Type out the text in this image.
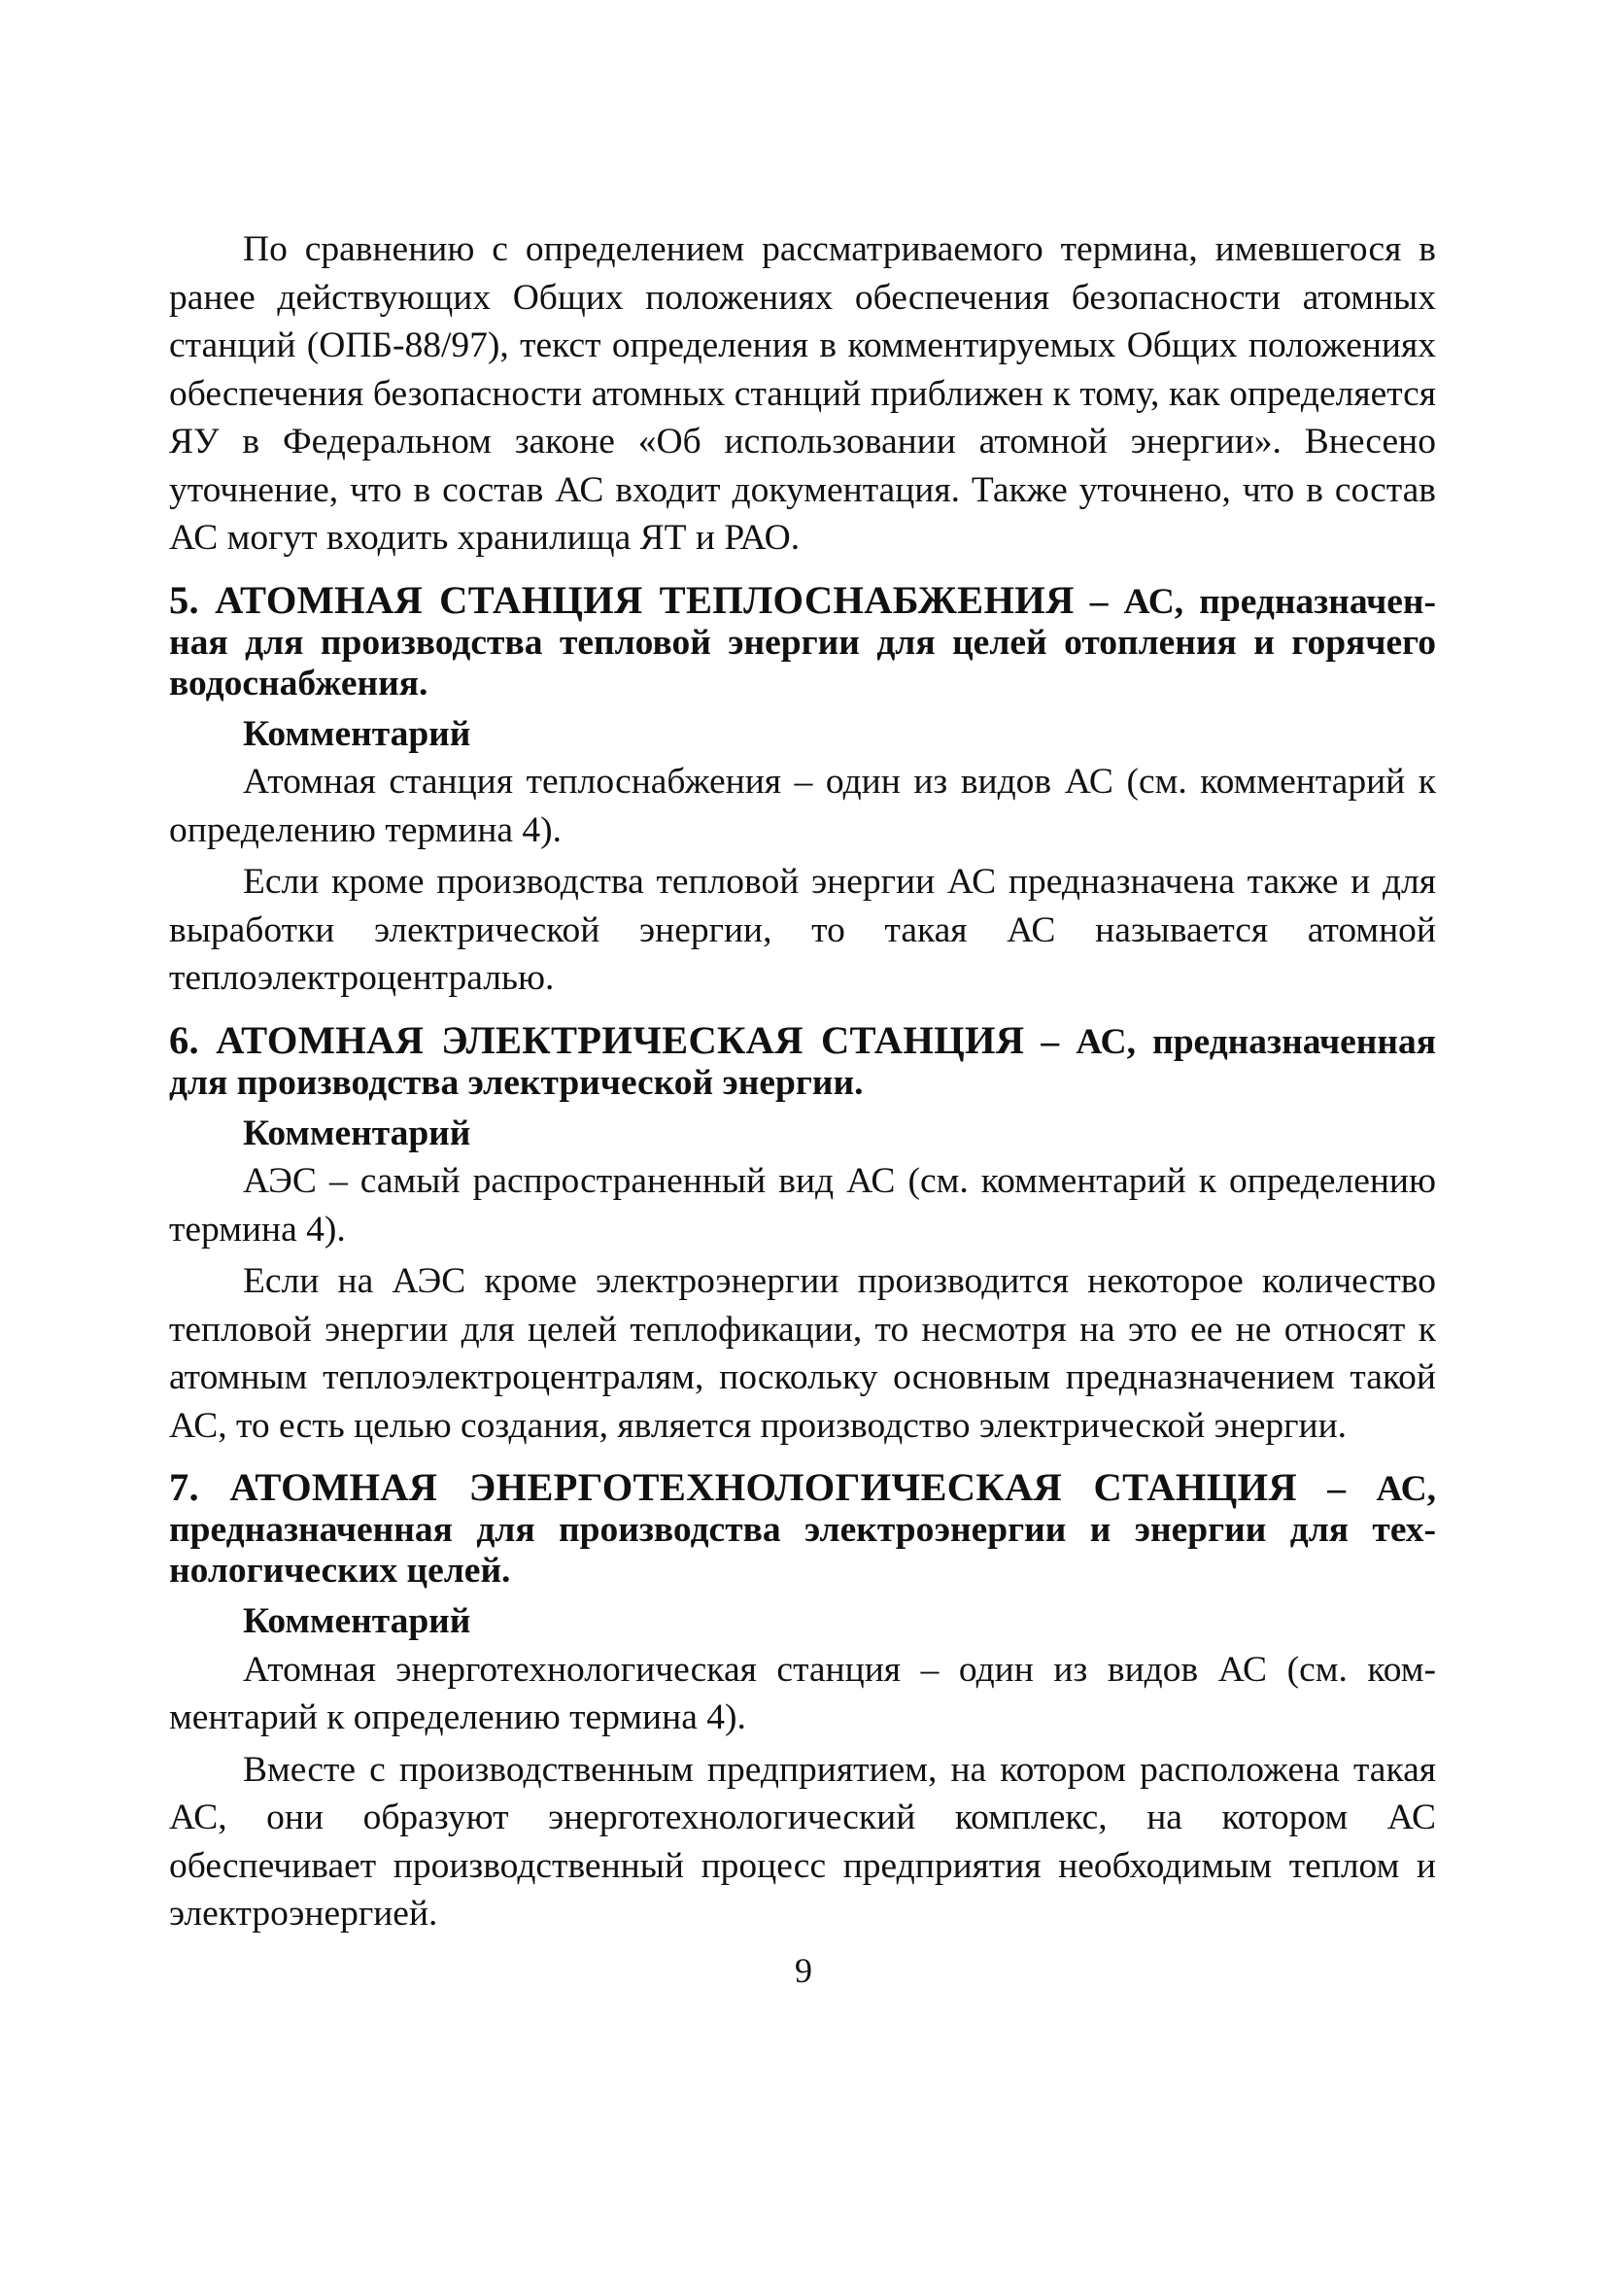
По сравнению с определением рассматриваемого термина, имевшегося в ранее действующих Общих положениях обеспечения безопасности атомных станций (ОПБ-88/97), текст определения в комментируемых Общих положениях обеспечения безопасности атомных станций приближен к тому, как определяется ЯУ в Федеральном законе «Об использовании атомной энергии». Внесено уточнение, что в состав АС входит документация. Также уточнено, что в состав АС могут входить хранилища ЯТ и РАО.

5. АТОМНАЯ СТАНЦИЯ ТЕПЛОСНАБЖЕНИЯ – АС, предназначенная для производства тепловой энергии для целей отопления и горячего водоснабжения.

Комментарий

Атомная станция теплоснабжения – один из видов АС (см. комментарий к определению термина 4).

Если кроме производства тепловой энергии АС предназначена также и для выработки электрической энергии, то такая АС называется атомной теплоэлектроцентралью.

6. АТОМНАЯ ЭЛЕКТРИЧЕСКАЯ СТАНЦИЯ – АС, предназначенная для производства электрической энергии.

Комментарий

АЭС – самый распространенный вид АС (см. комментарий к определению термина 4).

Если на АЭС кроме электроэнергии производится некоторое количество тепловой энергии для целей теплофикации, то несмотря на это ее не относят к атомным теплоэлектроцентралям, поскольку основным предназначением такой АС, то есть целью создания, является производство электрической энергии.

7. АТОМНАЯ ЭНЕРГОТЕХНОЛОГИЧЕСКАЯ СТАНЦИЯ – АС, предназначенная для производства электроэнергии и энергии для технологических целей.

Комментарий

Атомная энерготехнологическая станция – один из видов АС (см. комментарий к определению термина 4).

Вместе с производственным предприятием, на котором расположена такая АС, они образуют энерготехнологический комплекс, на котором АС обеспечивает производственный процесс предприятия необходимым теплом и электроэнергией.

9
